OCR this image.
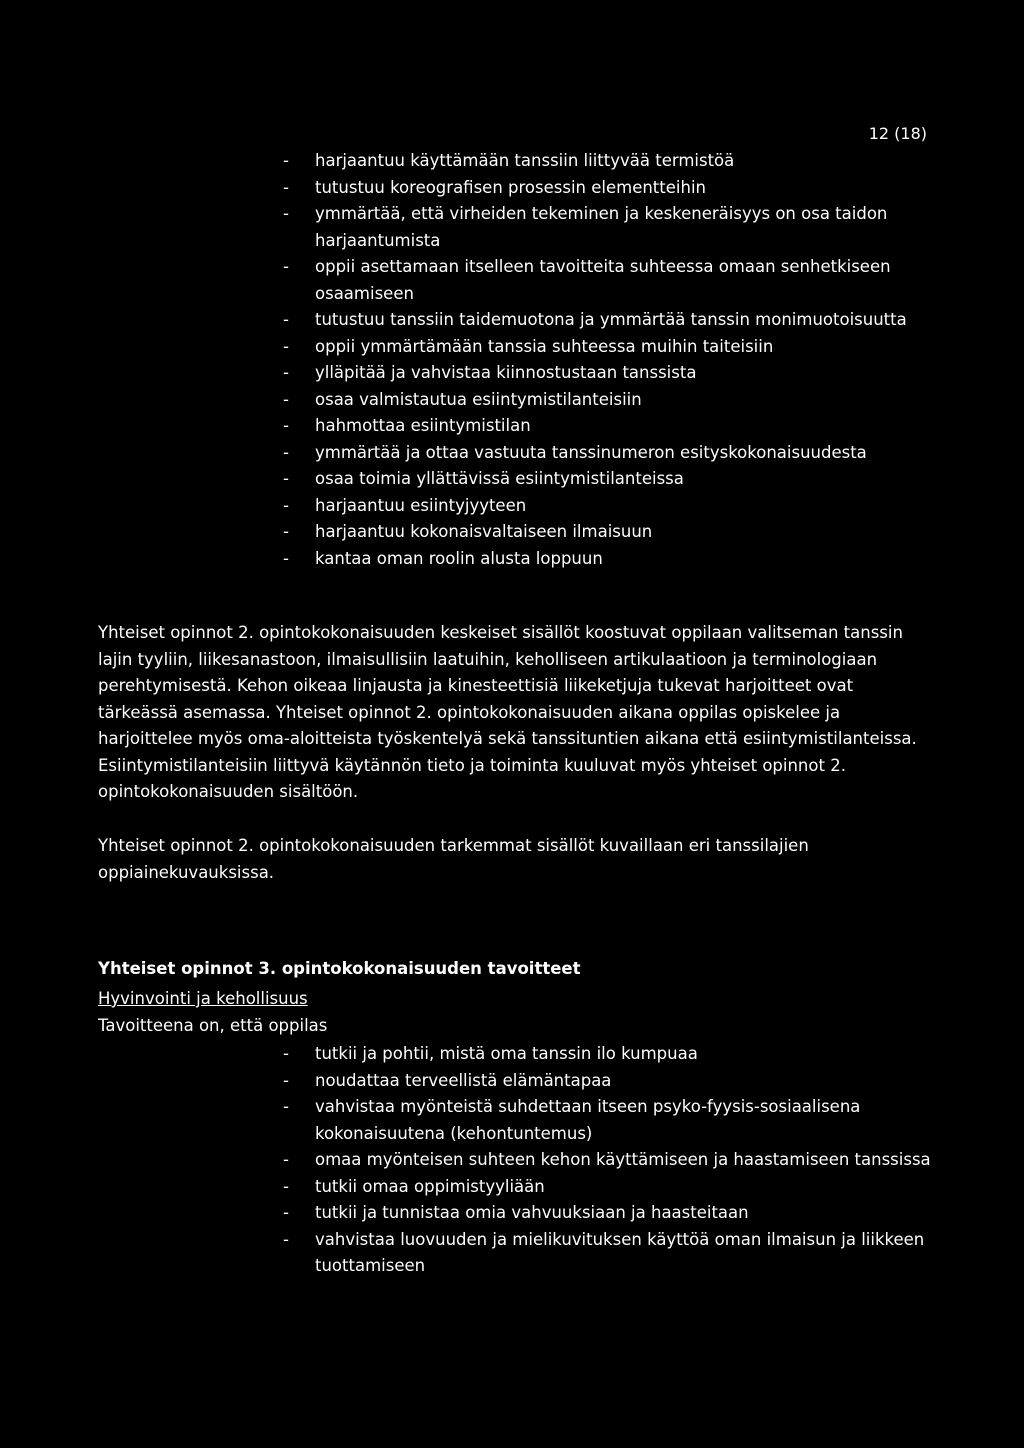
12 (18)
- harjaantuu käyttämään tanssiin liittyvää termistöä
- tutustuu koreografisen prosessin elementteihin
- ymmärtää, että virheiden tekeminen ja keskeneräisyys on osa taidon harjaantumista
- oppii asettamaan itselleen tavoitteita suhteessa omaan senhetkiseen osaamiseen
- tutustuu tanssiin taidemuotona ja ymmärtää tanssin monimuotoisuutta
- oppii ymmärtämään tanssia suhteessa muihin taiteisiin
- ylläpitää ja vahvistaa kiinnostustaan tanssista
- osaa valmistautua esiintymistilanteisiin
- hahmottaa esiintymistilan
- ymmärtää ja ottaa vastuuta tanssinumeron esityskokonaisuudesta
- osaa toimia yllättävissä esiintymistilanteissa
- harjaantuu esiintyjyyteen
- harjaantuu kokonaisvaltaiseen ilmaisuun
- kantaa oman roolin alusta loppuun

Yhteiset opinnot 2. opintokokonaisuuden keskeiset sisällöt koostuvat oppilaan valitseman tanssin lajin tyyliin, liikesanastoon, ilmaisullisiin laatuihin, keholliseen artikulaatioon ja terminologiaan perehtymisestä. Kehon oikeaa linjausta ja kinesteettisiä liikeketjuja tukevat harjoitteet ovat tärkeässä asemassa. Yhteiset opinnot 2. opintokokonaisuuden aikana oppilas opiskelee ja harjoittelee myös oma-aloitteista työskentelyä sekä tanssituntien aikana että esiintymistilanteissa. Esiintymistilanteisiin liittyvä käytännön tieto ja toiminta kuuluvat myös yhteiset opinnot 2. opintokokonaisuuden sisältöön.

Yhteiset opinnot 2. opintokokonaisuuden tarkemmat sisällöt kuvaillaan eri tanssilajien oppiainekuvauksissa.

Yhteiset opinnot 3. opintokokonaisuuden tavoitteet
Hyvinvointi ja kehollisuus
Tavoitteena on, että oppilas
- tutkii ja pohtii, mistä oma tanssin ilo kumpuaa
- noudattaa terveellistä elämäntapaa
- vahvistaa myönteistä suhdettaan itseen psyko-fyysis-sosiaalisena kokonaisuutena (kehontuntemus)
- omaa myönteisen suhteen kehon käyttämiseen ja haastamiseen tanssissa
- tutkii omaa oppimistyyliään
- tutkii ja tunnistaa omia vahvuuksiaan ja haasteitaan
- vahvistaa luovuuden ja mielikuvituksen käyttöä oman ilmaisun ja liikkeen tuottamiseen
